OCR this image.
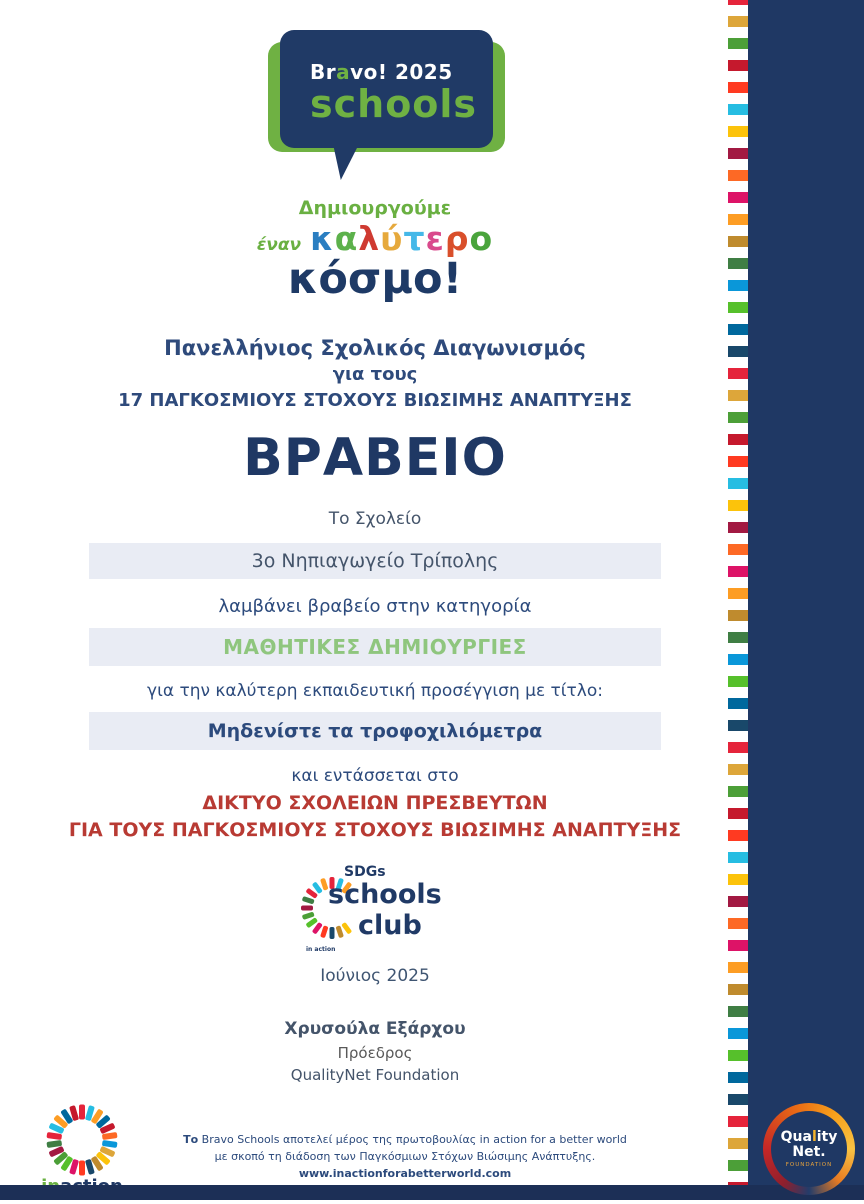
Bravo! 2025
schools
Δημιουργούμε
έναν καλύτερο
κόσμο!
Πανελλήνιος Σχολικός Διαγωνισμός
για τους
17 ΠΑΓΚΟΣΜΙΟΥΣ ΣΤΟΧΟΥΣ ΒΙΩΣΙΜΗΣ ΑΝΑΠΤΥΞΗΣ
ΒΡΑΒΕΙΟ
Το Σχολείο
3ο Νηπιαγωγείο Τρίπολης
λαμβάνει βραβείο στην κατηγορία
ΜΑΘΗΤΙΚΕΣ ΔΗΜΙΟΥΡΓΙΕΣ
για την καλύτερη εκπαιδευτική προσέγγιση με τίτλο:
Μηδενίστε τα τροφοχιλιόμετρα
και εντάσσεται στο
ΔΙΚΤΥΟ ΣΧΟΛΕΙΩΝ ΠΡΕΣΒΕΥΤΩΝ
ΓΙΑ ΤΟΥΣ ΠΑΓΚΟΣΜΙΟΥΣ ΣΤΟΧΟΥΣ ΒΙΩΣΙΜΗΣ ΑΝΑΠΤΥΞΗΣ
Ιούνιος 2025
Χρυσούλα Εξάρχου
Πρόεδρος
QualityNet Foundation
SDGs
schools
club
in action
Το Bravo Schools αποτελεί μέρος της πρωτοβουλίας in action for a better world
με σκοπό τη διάδοση των Παγκόσμιων Στόχων Βιώσιμης Ανάπτυξης.
www.inactionforabetterworld.com
Quality
Net.
FOUNDATION
